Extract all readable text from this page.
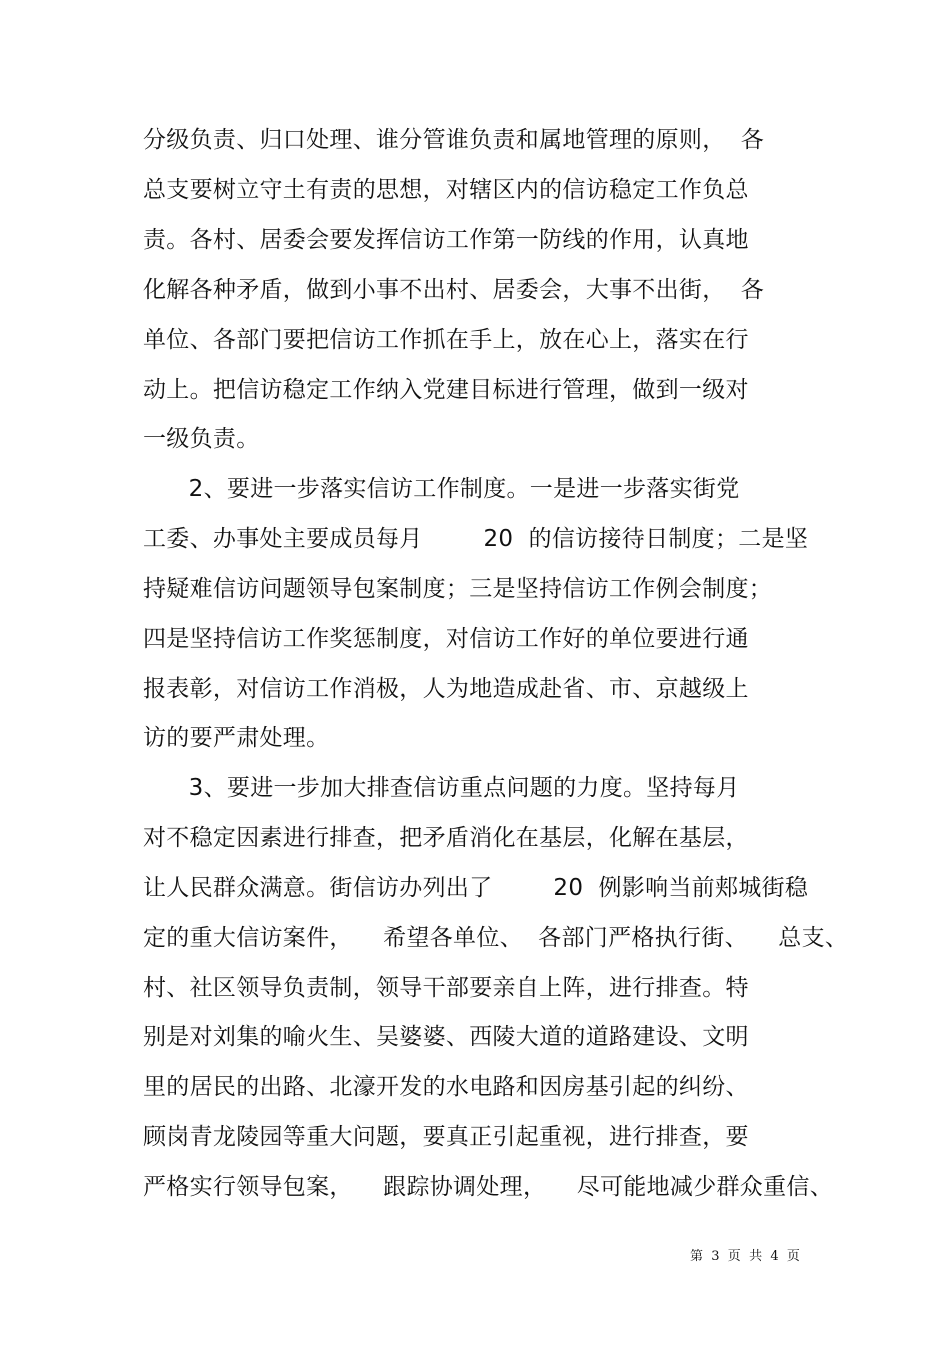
分级负责、归口处理、谁分管谁负责和属地管理的原则，  各
总支要树立守土有责的思想，对辖区内的信访稳定工作负总
责。各村、居委会要发挥信访工作第一防线的作用，认真地
化解各种矛盾，做到小事不出村、居委会，大事不出街，  各
单位、各部门要把信访工作抓在手上，放在心上，落实在行
动上。把信访稳定工作纳入党建目标进行管理，做到一级对
一级负责。
2、要进一步落实信访工作制度。一是进一步落实街党
工委、办事处主要成员每月        20  的信访接待日制度；二是坚
持疑难信访问题领导包案制度；三是坚持信访工作例会制度；
四是坚持信访工作奖惩制度，对信访工作好的单位要进行通
报表彰，对信访工作消极，人为地造成赴省、市、京越级上
访的要严肃处理。
3、要进一步加大排查信访重点问题的力度。坚持每月
对不稳定因素进行排查，把矛盾消化在基层，化解在基层，
让人民群众满意。街信访办列出了        20  例影响当前郏城街稳
定的重大信访案件，    希望各单位、  各部门严格执行街、    总支、
村、社区领导负责制，领导干部要亲自上阵，进行排查。特
别是对刘集的喻火生、吴婆婆、西陵大道的道路建设、文明
里的居民的出路、北濠开发的水电路和因房基引起的纠纷、
顾岗青龙陵园等重大问题，要真正引起重视，进行排查，要
严格实行领导包案，    跟踪协调处理，    尽可能地减少群众重信、
第  3  页  共  4  页
